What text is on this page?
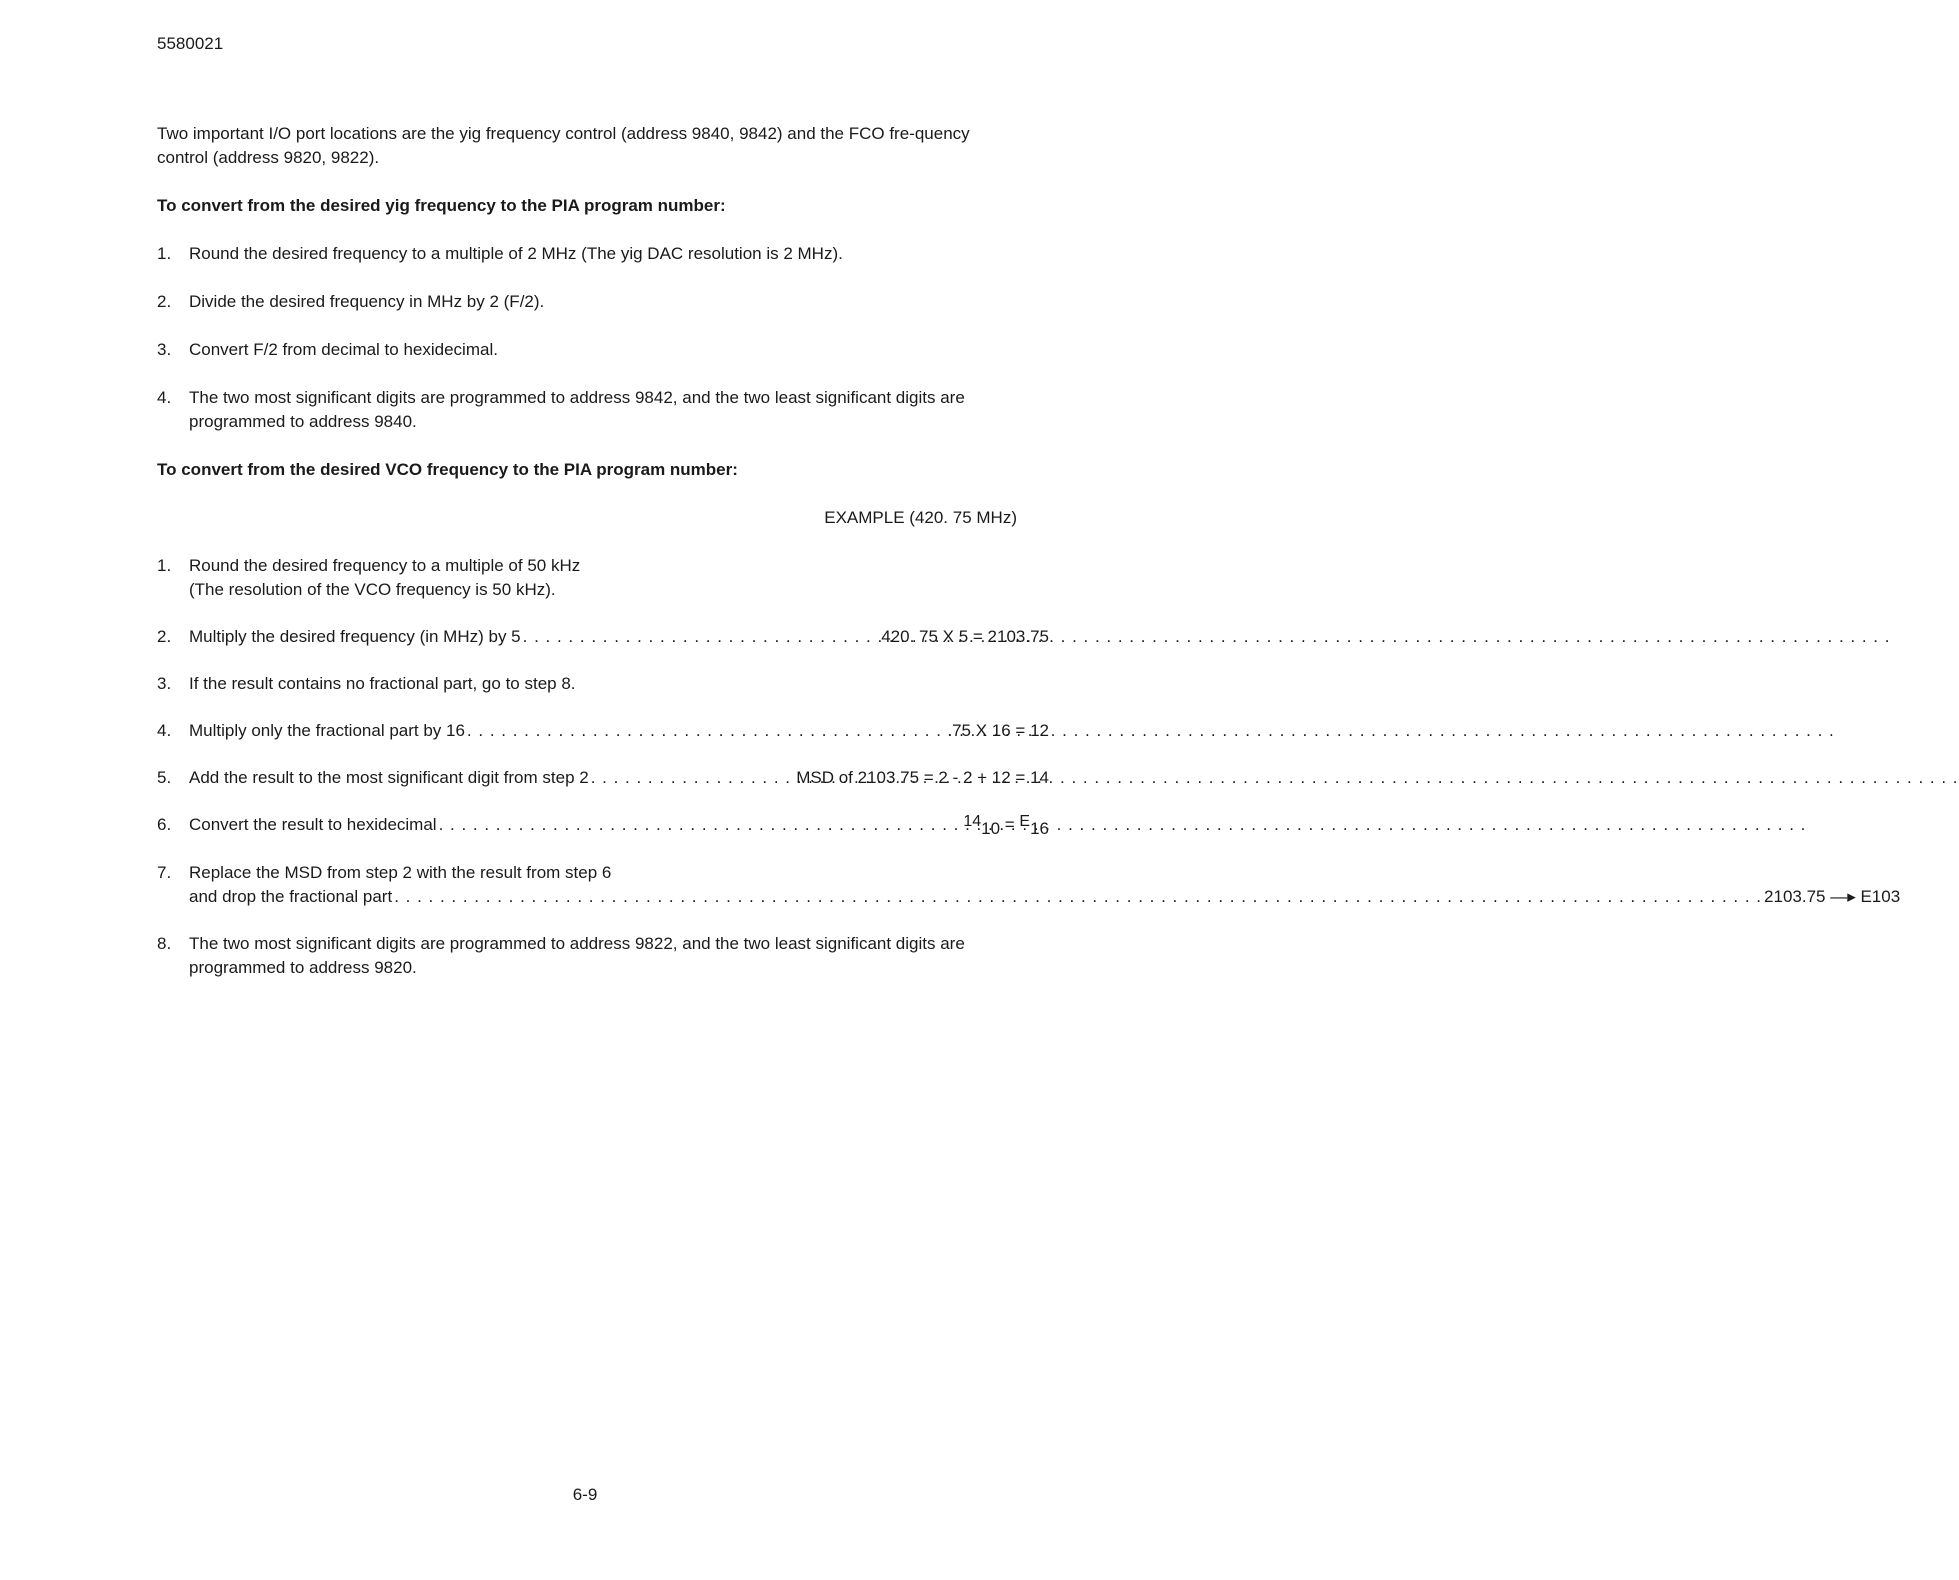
5580021

Two important I/O port locations are the yig frequency control (address 9840, 9842) and the FCO fre-quency control (address 9820, 9822).

To convert from the desired yig frequency to the PIA program number:

1.	Round the desired frequency to a multiple of 2 MHz (The yig DAC resolution is 2 MHz).
2.	Divide the desired frequency in MHz by 2 (F/2).
3.	Convert F/2 from decimal to hexidecimal.
4.	The two most significant digits are programmed to address 9842, and the two least significant digits are programmed to address 9840.

To convert from the desired VCO frequency to the PIA program number:

EXAMPLE (420. 75 MHz)

1.	Round the desired frequency to a multiple of 50 kHz
(The resolution of the VCO frequency is 50 kHz).
2.	Multiply the desired frequency (in MHz) by 5 . . .	420. 75 X 5 = 2103.75
3.	If the result contains no fractional part, go to step 8.
4.	Multiply only the fractional part by 16 . . .	.75 X 16 = 12
5.	Add the result to the most significant digit from step 2 . . .	MSD of 2103.75 = 2 - 2 + 12 = 14
6.	Convert the result to hexidecimal . . .	1410 = E16
7.	Replace the MSD from step 2 with the result from step 6
and drop the fractional part . . .	2103.75 —▸ E103
8.	The two most significant digits are programmed to address 9822, and the two least significant digits are programmed to address 9820.
6-9
